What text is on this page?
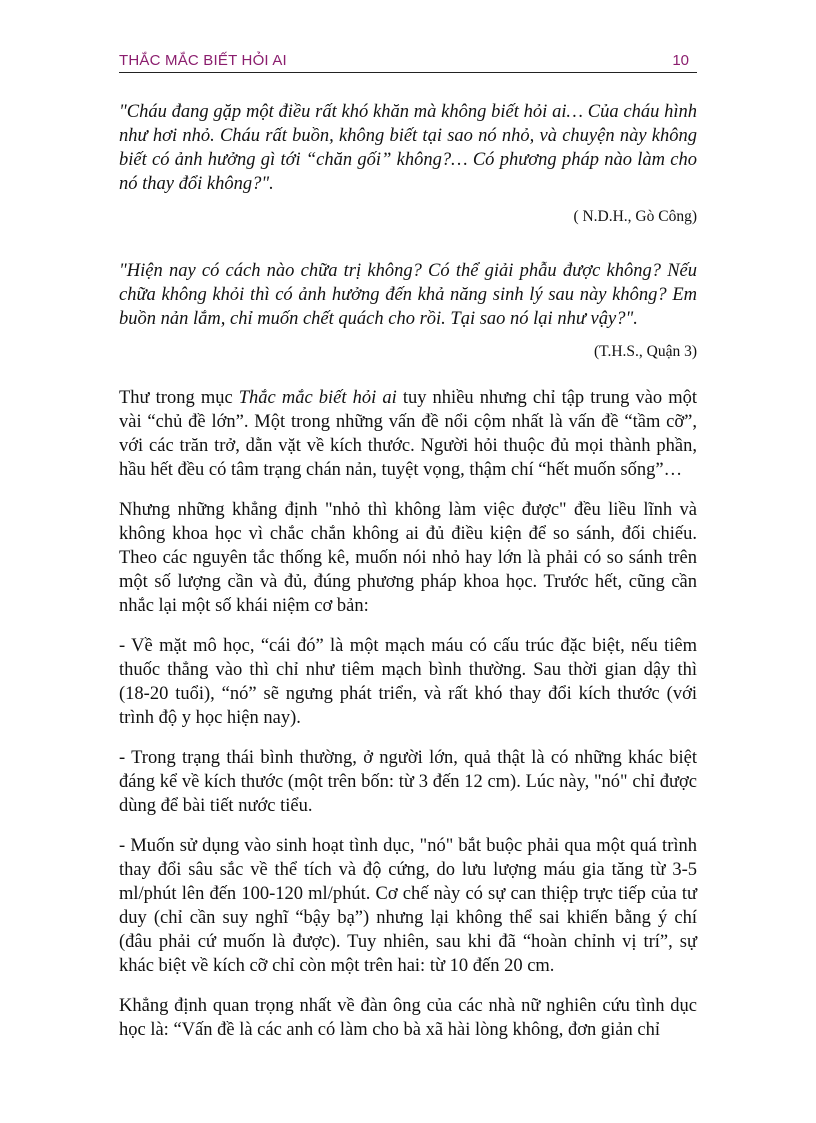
THẮC MẮC BIẾT HỎI AI	10

"Cháu đang gặp một điều rất khó khăn mà không biết hỏi ai… Của cháu hình như hơi nhỏ. Cháu rất buồn, không biết tại sao nó nhỏ, và chuyện này không biết có ảnh hưởng gì tới “chăn gối” không?… Có phương pháp nào làm cho nó thay đổi không?".

( N.D.H., Gò Công)

"Hiện nay có cách nào chữa trị không? Có thể giải phẫu được không? Nếu chữa không khỏi thì có ảnh hưởng đến khả năng sinh lý sau này không? Em buồn nản lắm, chỉ muốn chết quách cho rồi. Tại sao nó lại như vậy?".

(T.H.S., Quận 3)

Thư trong mục Thắc mắc biết hỏi ai tuy nhiều nhưng chỉ tập trung vào một vài “chủ đề lớn”. Một trong những vấn đề nổi cộm nhất là vấn đề “tầm cỡ”, với các trăn trở, dằn vặt về kích thước. Người hỏi thuộc đủ mọi thành phần, hầu hết đều có tâm trạng chán nản, tuyệt vọng, thậm chí “hết muốn sống”…

Nhưng những khẳng định "nhỏ thì không làm việc được" đều liều lĩnh và không khoa học vì chắc chắn không ai đủ điều kiện để so sánh, đối chiếu. Theo các nguyên tắc thống kê, muốn nói nhỏ hay lớn là phải có so sánh trên một số lượng cần và đủ, đúng phương pháp khoa học. Trước hết, cũng cần nhắc lại một số khái niệm cơ bản:

- Về mặt mô học, “cái đó” là một mạch máu có cấu trúc đặc biệt, nếu tiêm thuốc thẳng vào thì chỉ như tiêm mạch bình thường. Sau thời gian dậy thì (18-20 tuổi), “nó” sẽ ngưng phát triển, và rất khó thay đổi kích thước (với trình độ y học hiện nay).

- Trong trạng thái bình thường, ở người lớn, quả thật là có những khác biệt đáng kể về kích thước (một trên bốn: từ 3 đến 12 cm). Lúc này, "nó" chỉ được dùng để bài tiết nước tiểu.

- Muốn sử dụng vào sinh hoạt tình dục, "nó" bắt buộc phải qua một quá trình thay đổi sâu sắc về thể tích và độ cứng, do lưu lượng máu gia tăng từ 3-5 ml/phút lên đến 100-120 ml/phút. Cơ chế này có sự can thiệp trực tiếp của tư duy (chỉ cần suy nghĩ “bậy bạ”) nhưng lại không thể sai khiến bằng ý chí (đâu phải cứ muốn là được). Tuy nhiên, sau khi đã “hoàn chỉnh vị trí”, sự khác biệt về kích cỡ chỉ còn một trên hai: từ 10 đến 20 cm.

Khẳng định quan trọng nhất về đàn ông của các nhà nữ nghiên cứu tình dục học là: “Vấn đề là các anh có làm cho bà xã hài lòng không, đơn giản chỉ
